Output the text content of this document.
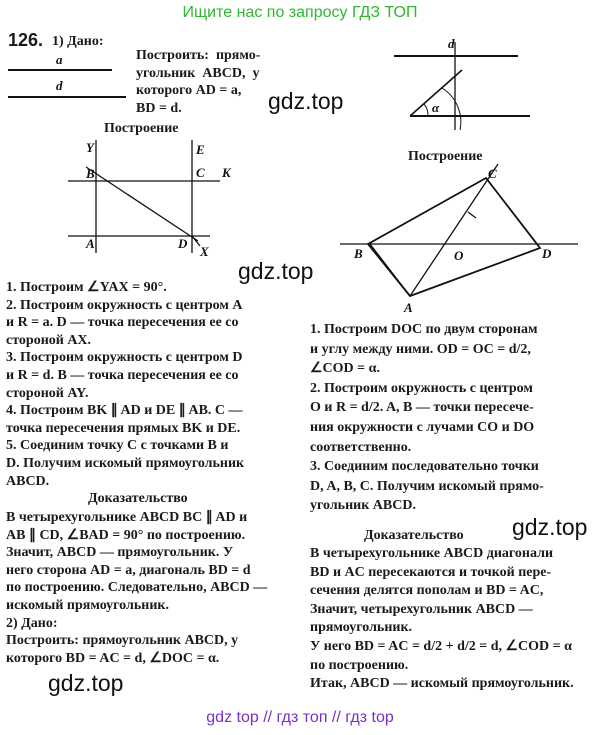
Ищите нас по запросу ГДЗ ТОП
gdz top // гдз топ // гдз top
126. 1) Дано:
a
d
Построить:  прямо-
угольник  ABCD,  у
которого AD = a,
BD = d.
d
α
gdz.top
Построение
Y	E
B	C K
A	D
X
Построение
C
B	O	D
A
gdz.top
1. Построим ∠YAX = 90°.
2. Построим окружность с центром A
и R = a. D — точка пересечения ее со
стороной AX.
3. Построим окружность с центром D
и R = d. B — точка пересечения ее со
стороной AY.
4. Построим BK ∥ AD и DE ∥ AB. C —
точка пересечения прямых BK и DE.
5. Соединим точку C с точками B и
D. Получим искомый прямоугольник
ABCD.
Доказательство
В четырехугольнике ABCD BC ∥ AD и
AB ∥ CD, ∠BAD = 90° по построению.
Значит, ABCD — прямоугольник. У
него сторона AD = a, диагональ BD = d
по построению. Следовательно, ABCD —
искомый прямоугольник.
2) Дано:
Построить: прямоугольник ABCD, у
которого BD = AC = d, ∠DOC = α.
1. Построим DOC по двум сторонам
и углу между ними. OD = OC = d/2,
∠COD = α.
2. Построим окружность с центром
O и R = d/2. A, B — точки пересече-
ния окружности с лучами CO и DO
соответственно.
3. Соединим последовательно точки
D, A, B, C. Получим искомый прямо-
угольник ABCD.
Доказательство
В четырехугольнике ABCD диагонали
BD и AC пересекаются и точкой пере-
сечения делятся пополам и BD = AC,
Значит, четырехугольник ABCD —
прямоугольник.
У него BD = AC = d/2 + d/2 = d, ∠COD = α
по построению.
Итак, ABCD — искомый прямоугольник.
gdz.top
gdz.top
